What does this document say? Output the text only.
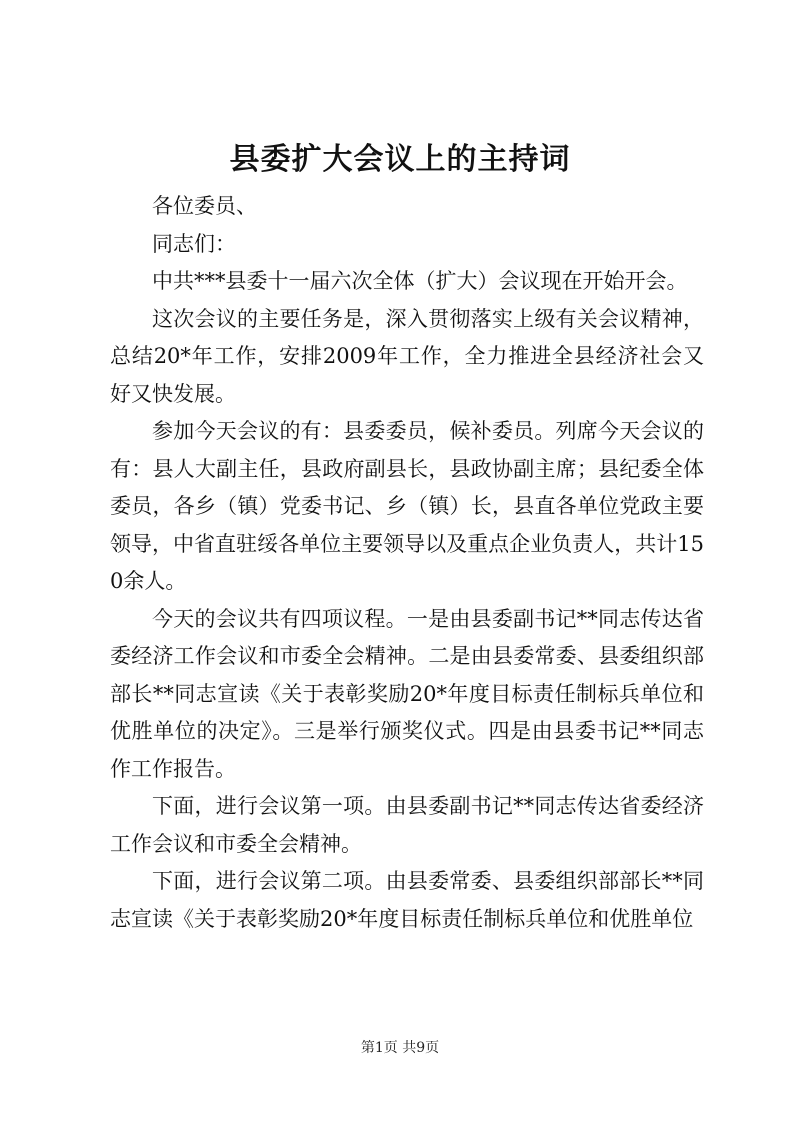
县委扩大会议上的主持词

各位委员、

同志们：

中共***县委十一届六次全体（扩大）会议现在开始开会。

这次会议的主要任务是，深入贯彻落实上级有关会议精神，总结20*年工作，安排2009年工作，全力推进全县经济社会又好又快发展。

参加今天会议的有：县委委员，候补委员。列席今天会议的有：县人大副主任，县政府副县长，县政协副主席；县纪委全体委员，各乡（镇）党委书记、乡（镇）长，县直各单位党政主要领导，中省直驻绥各单位主要领导以及重点企业负责人，共计150余人。

今天的会议共有四项议程。一是由县委副书记**同志传达省委经济工作会议和市委全会精神。二是由县委常委、县委组织部部长**同志宣读《关于表彰奖励20*年度目标责任制标兵单位和优胜单位的决定》。三是举行颁奖仪式。四是由县委书记**同志作工作报告。

下面，进行会议第一项。由县委副书记**同志传达省委经济工作会议和市委全会精神。

下面，进行会议第二项。由县委常委、县委组织部部长**同志宣读《关于表彰奖励20*年度目标责任制标兵单位和优胜单位

第1页 共9页
